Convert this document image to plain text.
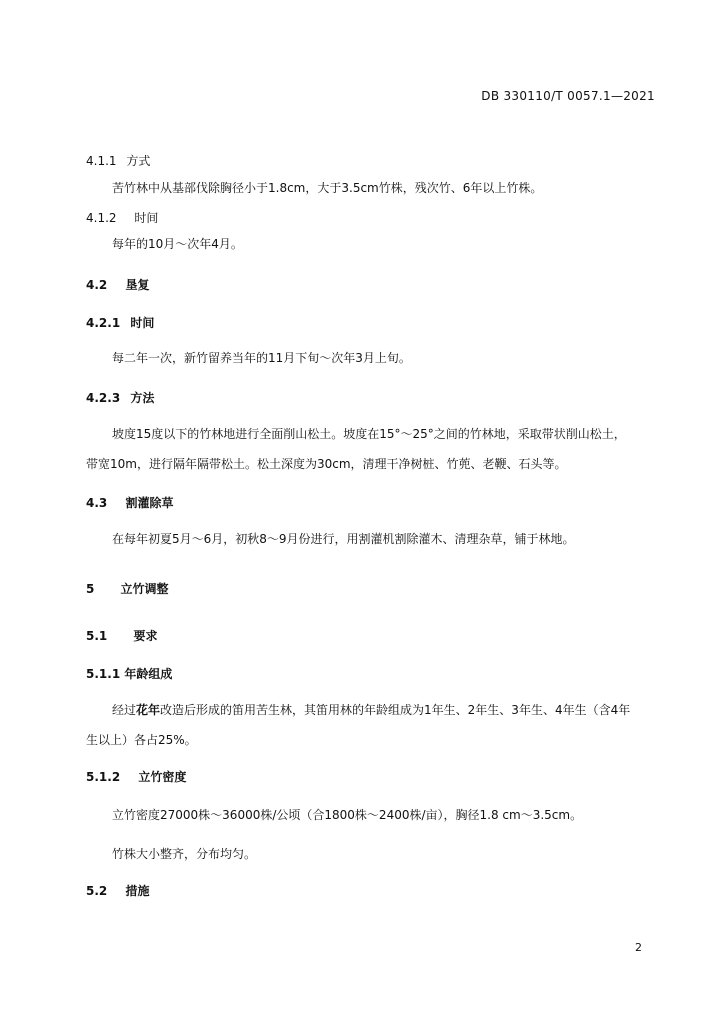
DB 330110/T 0057.1—2021
4.1.1 方式
苦竹林中从基部伐除胸径小于1.8cm，大于3.5cm竹株，残次竹、6年以上竹株。
4.1.2 时间
每年的10月～次年4月。
4.2 垦复
4.2.1 时间
每二年一次，新竹留养当年的11月下旬～次年3月上旬。
4.2.3 方法
坡度15度以下的竹林地进行全面削山松土。坡度在15°～25°之间的竹林地，采取带状削山松土，
带宽10m，进行隔年隔带松土。松土深度为30cm，清理干净树桩、竹蔸、老鞭、石头等。
4.3 割灌除草
在每年初夏5月～6月，初秋8～9月份进行，用割灌机割除灌木、清理杂草，铺于林地。
5 立竹调整
5.1 要求
5.1.1 年龄组成
经过花年改造后形成的笛用苦生林，其笛用林的年龄组成为1年生、2年生、3年生、4年生（含4年
生以上）各占25%。
5.1.2 立竹密度
立竹密度27000株～36000株/公顷（合1800株～2400株/亩），胸径1.8 cm～3.5cm。
竹株大小整齐，分布均匀。
5.2 措施
2
